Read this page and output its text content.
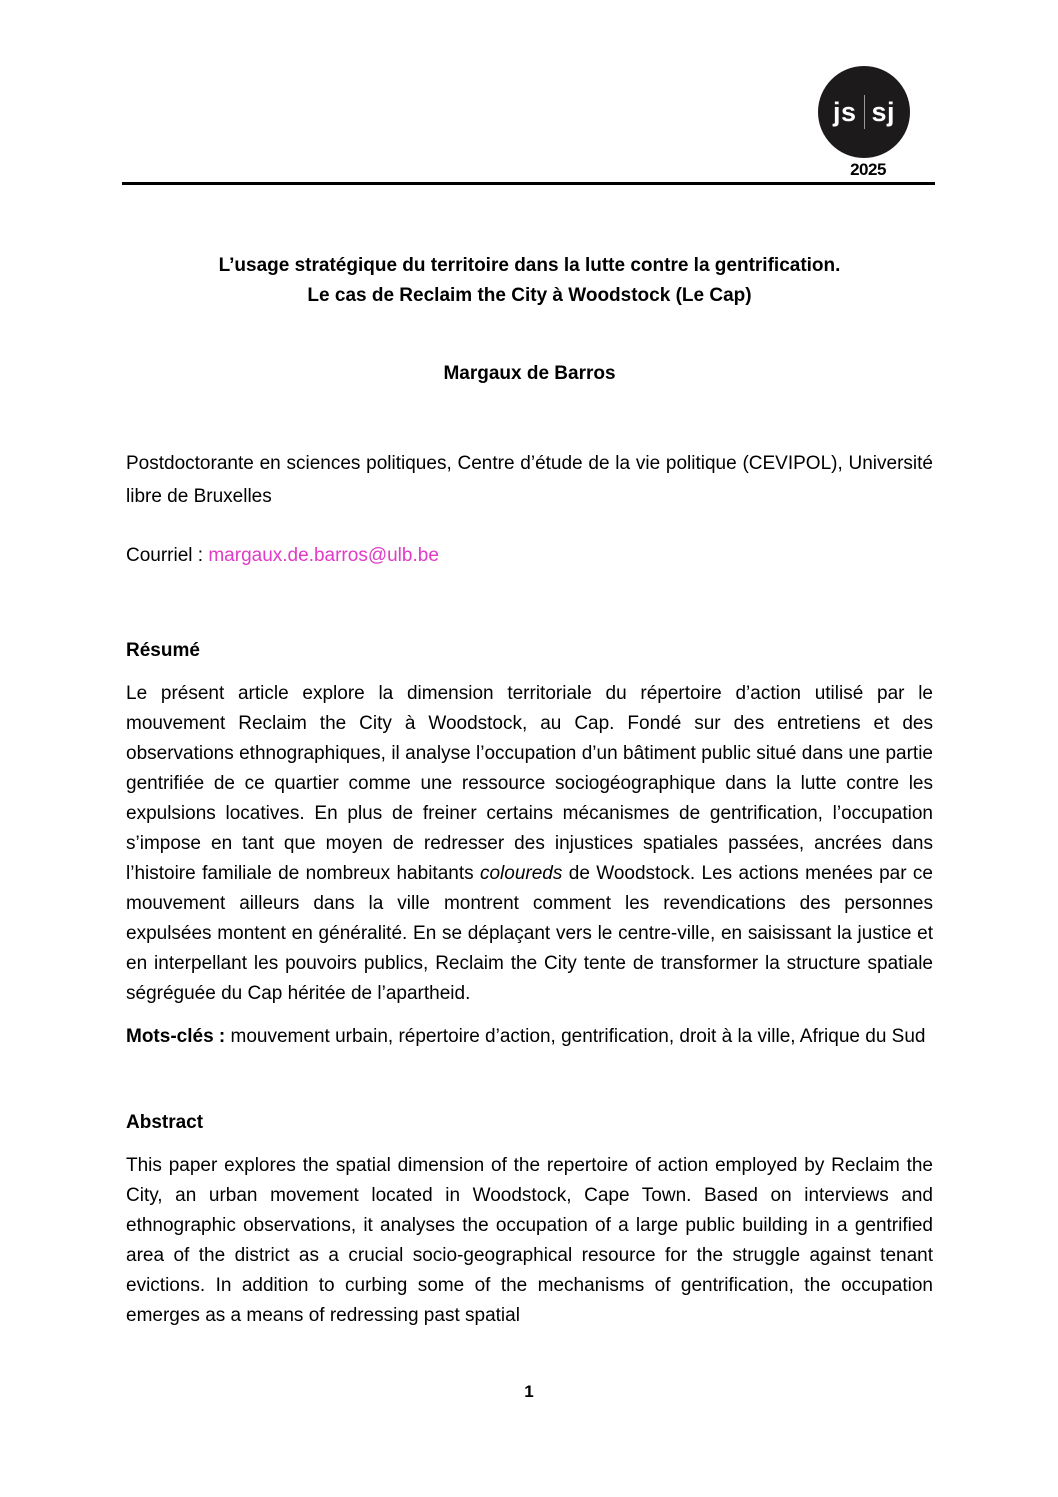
js sj
2025
L’usage stratégique du territoire dans la lutte contre la gentrification.
Le cas de Reclaim the City à Woodstock (Le Cap)
Margaux de Barros

Postdoctorante en sciences politiques, Centre d’étude de la vie politique (CEVIPOL), Université libre de Bruxelles

Courriel : margaux.de.barros@ulb.be

Résumé

Le présent article explore la dimension territoriale du répertoire d’action utilisé par le mouvement Reclaim the City à Woodstock, au Cap. Fondé sur des entretiens et des observations ethnographiques, il analyse l’occupation d’un bâtiment public situé dans une partie gentrifiée de ce quartier comme une ressource sociogéographique dans la lutte contre les expulsions locatives. En plus de freiner certains mécanismes de gentrification, l’occupation s’impose en tant que moyen de redresser des injustices spatiales passées, ancrées dans l’histoire familiale de nombreux habitants coloureds de Woodstock. Les actions menées par ce mouvement ailleurs dans la ville montrent comment les revendications des personnes expulsées montent en généralité. En se déplaçant vers le centre-ville, en saisissant la justice et en interpellant les pouvoirs publics, Reclaim the City tente de transformer la structure spatiale ségréguée du Cap héritée de l’apartheid.

Mots-clés : mouvement urbain, répertoire d’action, gentrification, droit à la ville, Afrique du Sud

Abstract

This paper explores the spatial dimension of the repertoire of action employed by Reclaim the City, an urban movement located in Woodstock, Cape Town. Based on interviews and ethnographic observations, it analyses the occupation of a large public building in a gentrified area of the district as a crucial socio-geographical resource for the struggle against tenant evictions. In addition to curbing some of the mechanisms of gentrification, the occupation emerges as a means of redressing past spatial

1
